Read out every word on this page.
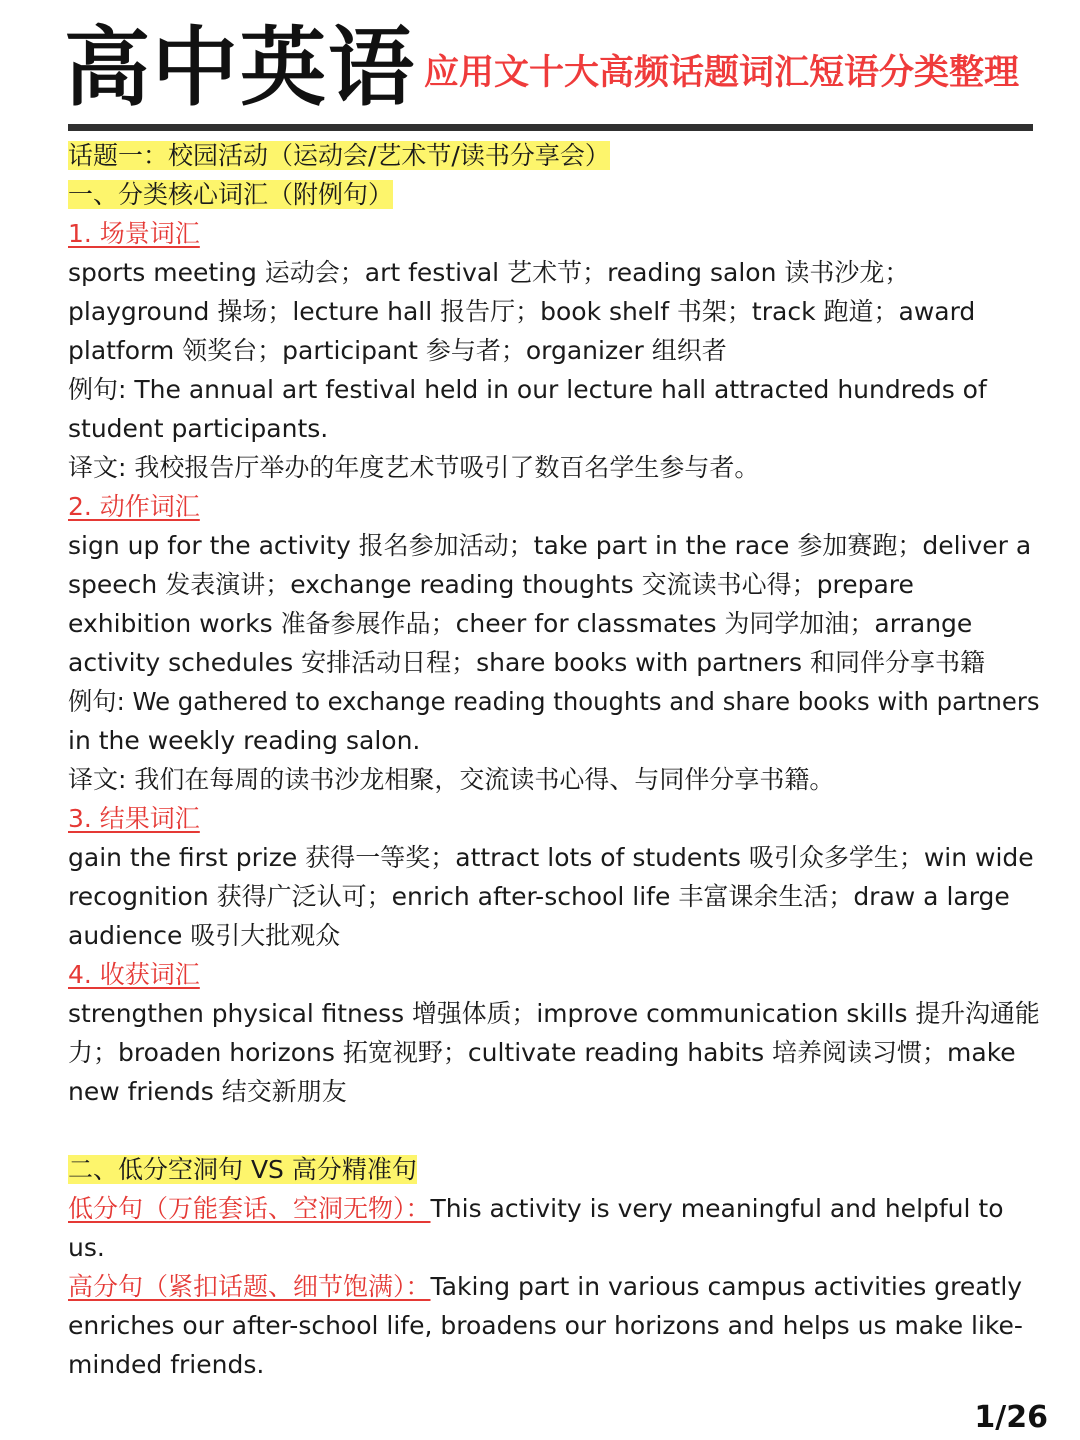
高中英语 应用文十大高频话题词汇短语分类整理
话题一：校园活动（运动会/艺术节/读书分享会）
一、分类核心词汇（附例句）
1. 场景词汇
sports meeting 运动会；art festival 艺术节；reading salon 读书沙龙；
playground 操场；lecture hall 报告厅；book shelf 书架；track 跑道；award
platform 领奖台；participant 参与者；organizer 组织者
例句: The annual art festival held in our lecture hall attracted hundreds of
student participants.
译文: 我校报告厅举办的年度艺术节吸引了数百名学生参与者。
2. 动作词汇
sign up for the activity 报名参加活动；take part in the race 参加赛跑；deliver a
speech 发表演讲；exchange reading thoughts 交流读书心得；prepare
exhibition works 准备参展作品；cheer for classmates 为同学加油；arrange
activity schedules 安排活动日程；share books with partners 和同伴分享书籍
例句: We gathered to exchange reading thoughts and share books with partners
in the weekly reading salon.
译文: 我们在每周的读书沙龙相聚，交流读书心得、与同伴分享书籍。
3. 结果词汇
gain the first prize 获得一等奖；attract lots of students 吸引众多学生；win wide
recognition 获得广泛认可；enrich after-school life 丰富课余生活；draw a large
audience 吸引大批观众
4. 收获词汇
strengthen physical fitness 增强体质；improve communication skills 提升沟通能
力；broaden horizons 拓宽视野；cultivate reading habits 培养阅读习惯；make
new friends 结交新朋友
二、低分空洞句 VS 高分精准句
低分句（万能套话、空洞无物）：This activity is very meaningful and helpful to
us.
高分句（紧扣话题、细节饱满）：Taking part in various campus activities greatly
enriches our after-school life, broadens our horizons and helps us make like-
minded friends.
1/26
